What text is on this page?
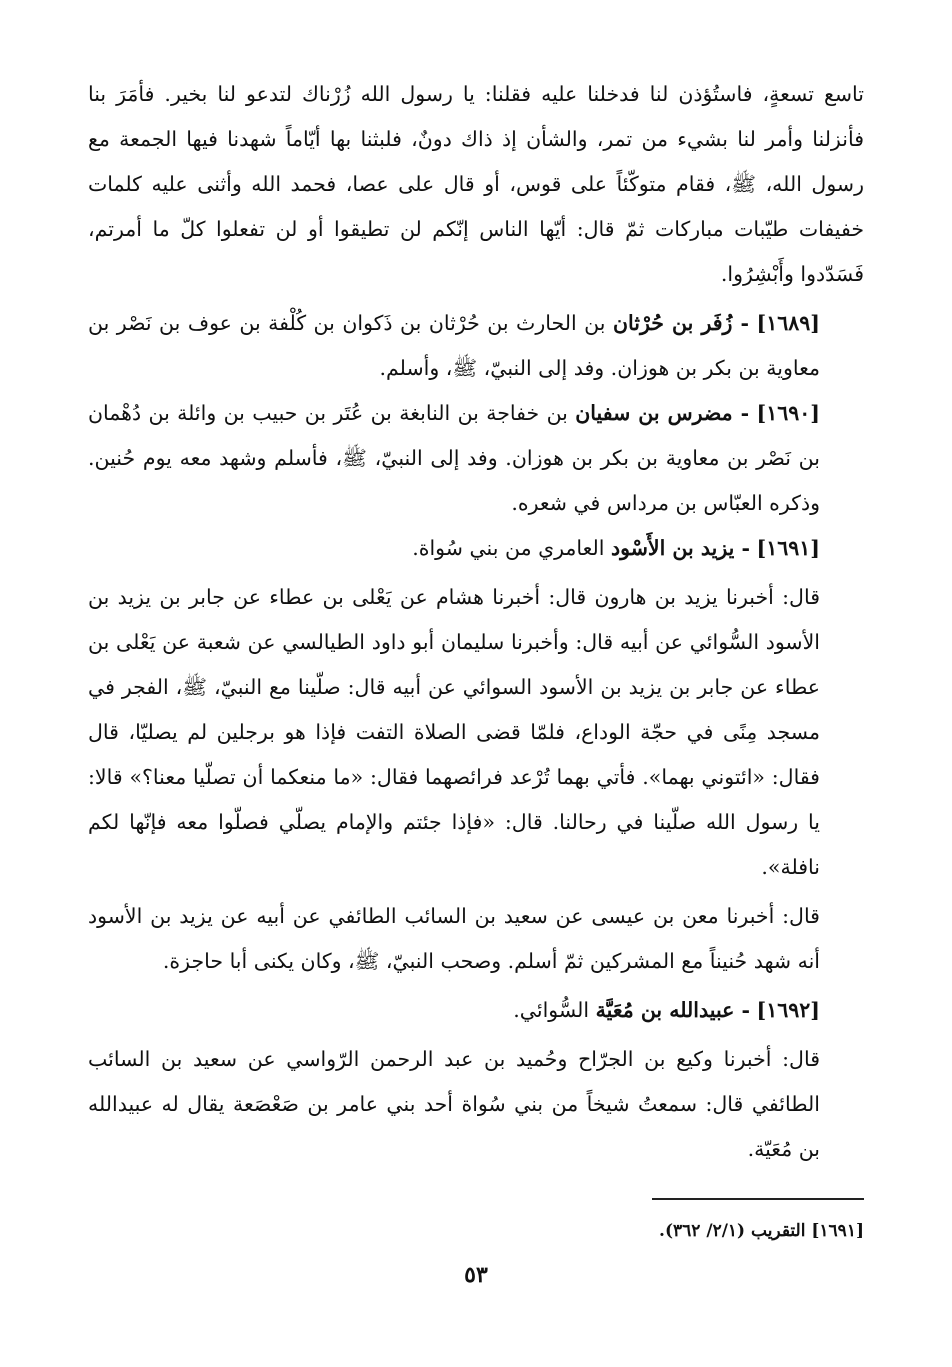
تاسع تسعةٍ، فاستُؤذن لنا فدخلنا عليه فقلنا: يا رسول الله زُرْناك لتدعو لنا بخير. فأمَرَ بنا فأنزلنا وأمر لنا بشيء من تمر، والشأن إذ ذاك دونٌ، فلبثنا بها أيّاماً شهدنا فيها الجمعة مع رسول الله، ﷺ، فقام متوكّئاً على قوس، أو قال على عصا، فحمد الله وأثنى عليه كلمات خفيفات طيّبات مباركات ثمّ قال: أيّها الناس إنّكم لن تطيقوا أو لن تفعلوا كلّ ما أمرتم، فَسَدّدوا وأَبْشِرُوا.

[١٦٨٩] - زُفَر بن حُرْثان بن الحارث بن حُرْثان بن ذَكوان بن كُلْفة بن عوف بن نَصْر بن معاوية بن بكر بن هوزان. وفد إلى النبيّ، ﷺ، وأسلم.

[١٦٩٠] - مضرس بن سفيان بن خفاجة بن النابغة بن عُتَر بن حبيب بن وائلة بن دُهْمان بن نَصْر بن معاوية بن بكر بن هوزان. وفد إلى النبيّ، ﷺ، فأسلم وشهد معه يوم حُنين. وذكره العبّاس بن مرداس في شعره.

[١٦٩١] - يزيد بن الأَسْود العامري من بني سُواة.

قال: أخبرنا يزيد بن هارون قال: أخبرنا هشام عن يَعْلى بن عطاء عن جابر بن يزيد بن الأسود السُّوائي عن أبيه قال: وأخبرنا سليمان أبو داود الطيالسي عن شعبة عن يَعْلى بن عطاء عن جابر بن يزيد بن الأسود السوائي عن أبيه قال: صلّينا مع النبيّ، ﷺ، الفجر في مسجد مِنًى في حجّة الوداع، فلمّا قضى الصلاة التفت فإذا هو برجلين لم يصليّا، قال فقال: «ائتوني بهما». فأتي بهما تُرْعد فرائصهما فقال: «ما منعكما أن تصلّيا معنا؟» قالا: يا رسول الله صلّينا في رحالنا. قال: «فإذا جئتم والإمام يصلّي فصلّوا معه فإنّها لكم نافلة».

قال: أخبرنا معن بن عيسى عن سعيد بن السائب الطائفي عن أبيه عن يزيد بن الأسود أنه شهد حُنيناً مع المشركين ثمّ أسلم. وصحب النبيّ، ﷺ، وكان يكنى أبا حاجزة.

[١٦٩٢] - عبيدالله بن مُعَيَّة السُّوائي.

قال: أخبرنا وكيع بن الجرّاح وحُميد بن عبد الرحمن الرّواسي عن سعيد بن السائب الطائفي قال: سمعتُ شيخاً من بني سُواة أحد بني عامر بن صَعْصَعة يقال له عبيدالله بن مُعَيّة.

[١٦٩١] التقريب (٢/١/ ٣٦٢).
٥٣
